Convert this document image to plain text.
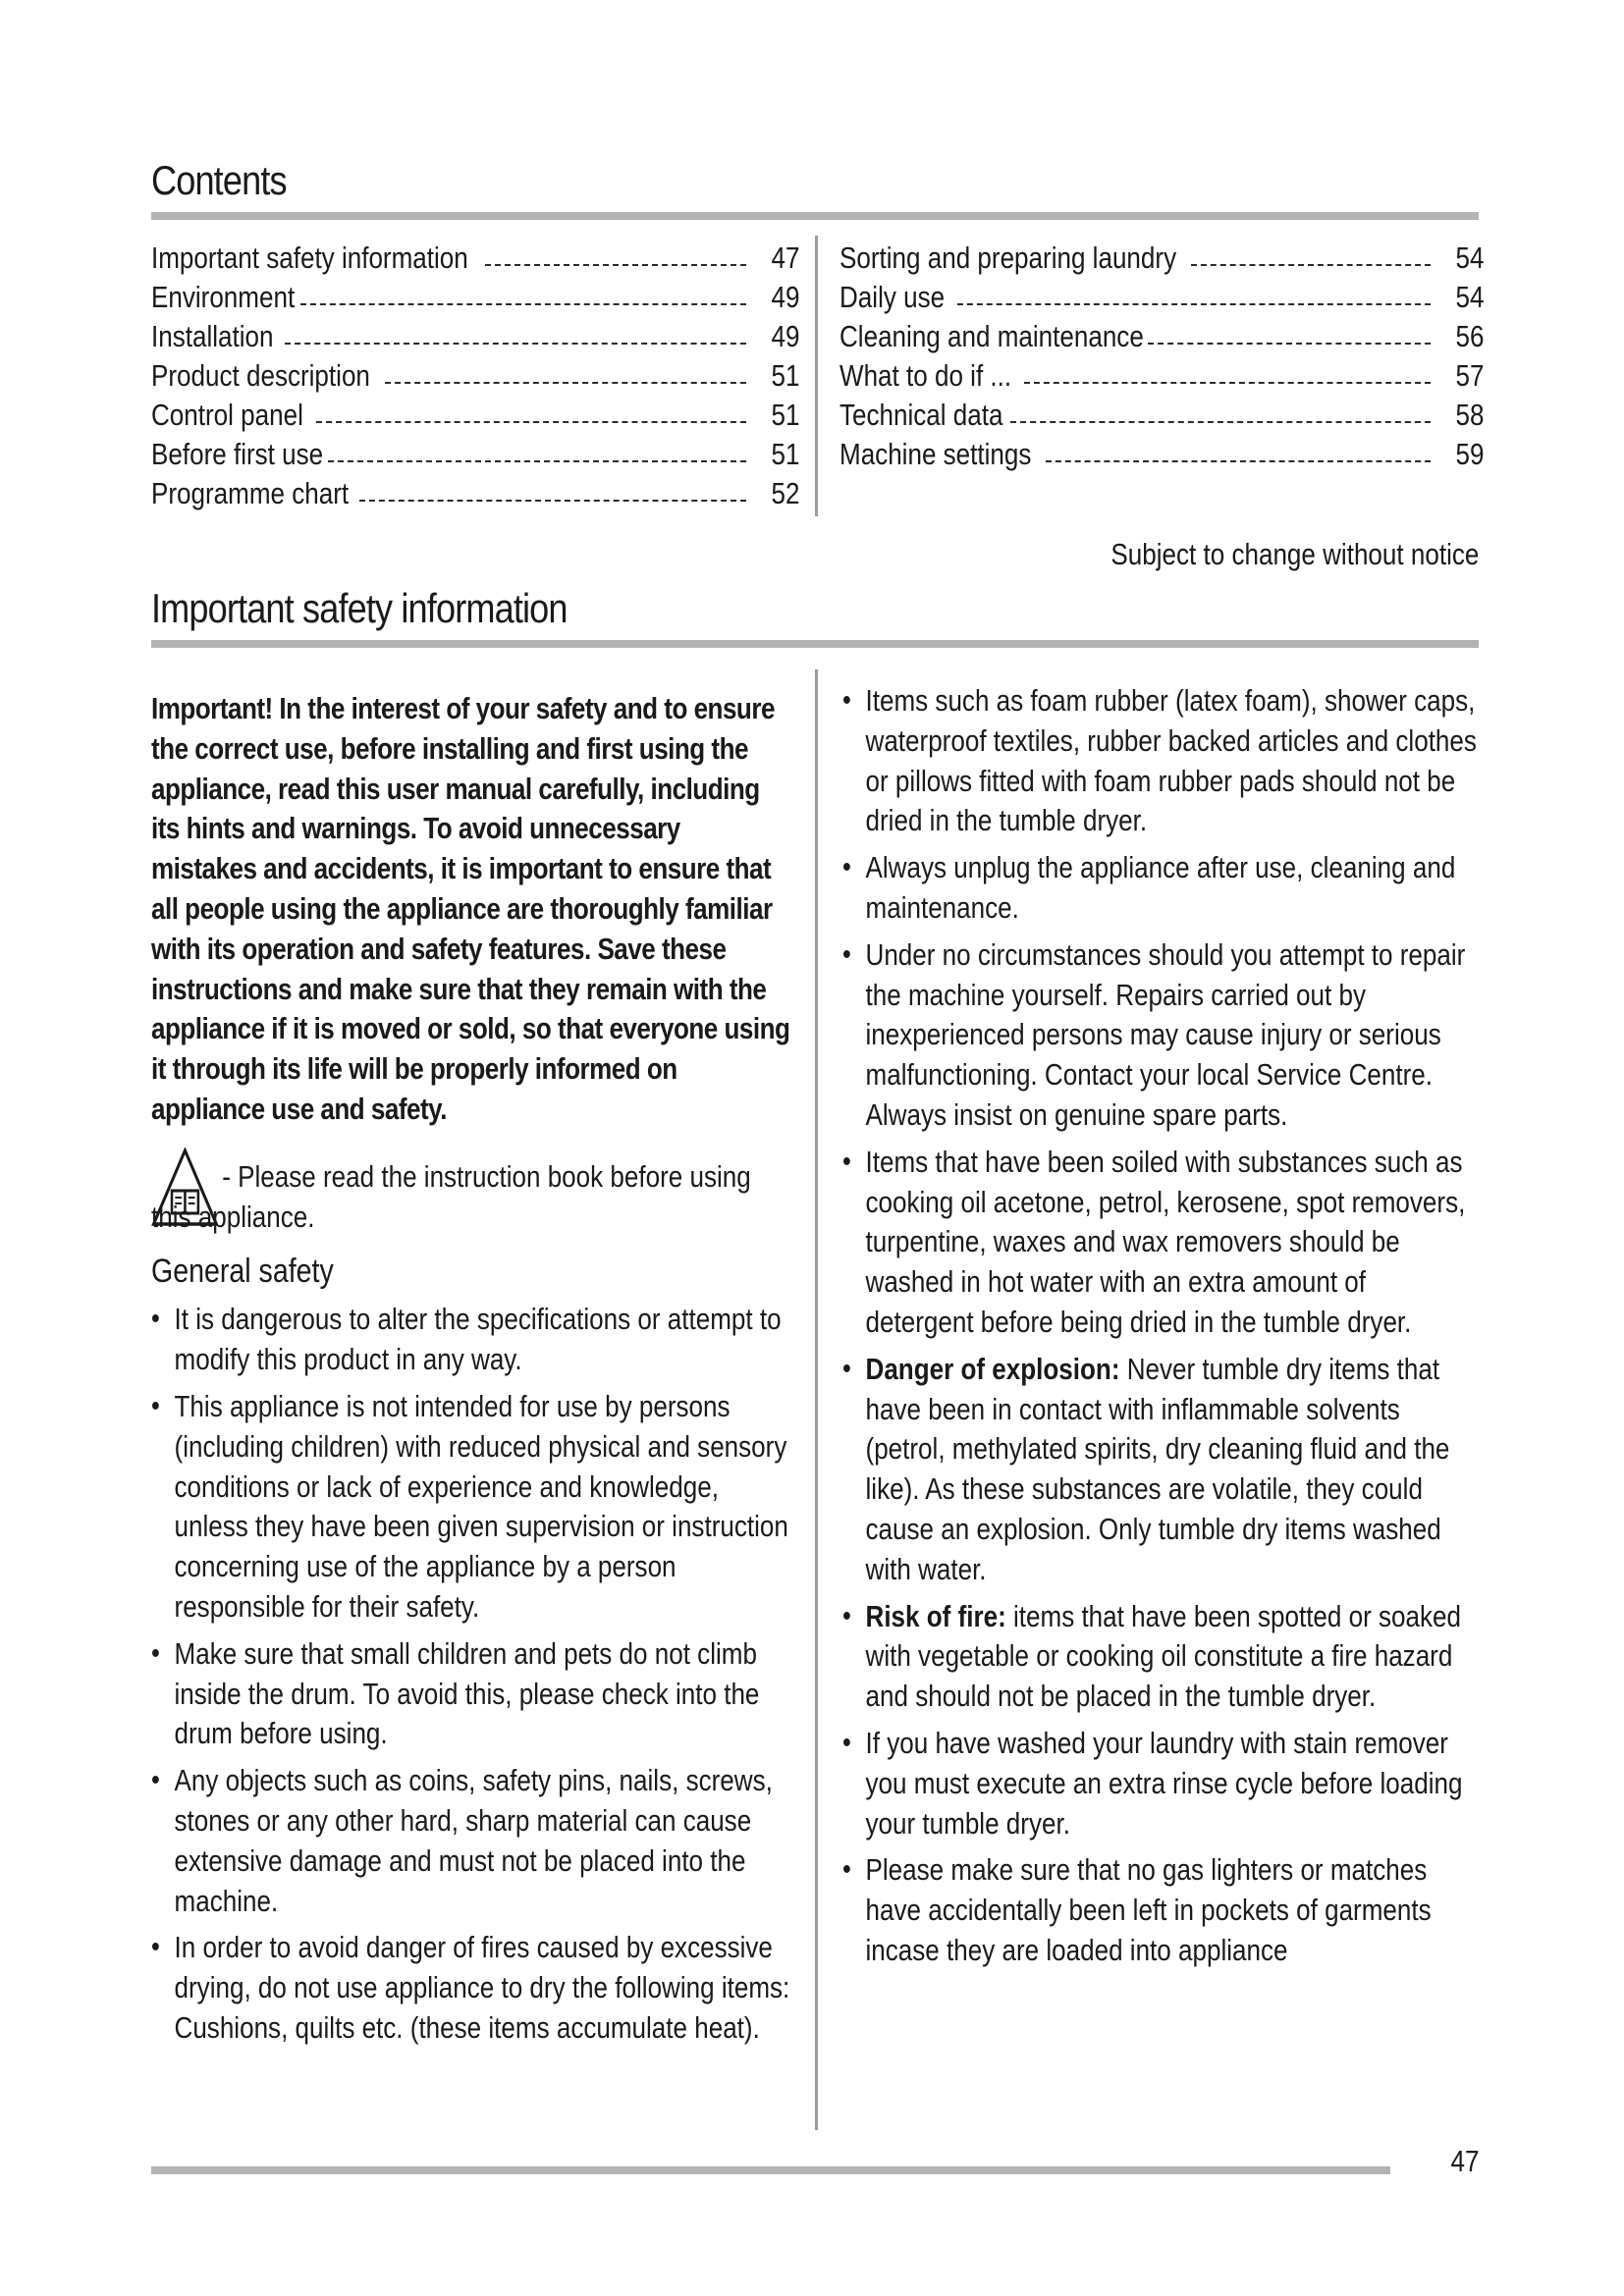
Contents
Important safety information	47
Environment	49
Installation	49
Product description	51
Control panel	51
Before first use	51
Programme chart	52
Sorting and preparing laundry	54
Daily use	54
Cleaning and maintenance	56
What to do if ...	57
Technical data	58
Machine settings	59
Subject to change without notice
Important safety information
Important! In the interest of your safety and to ensure the correct use, before installing and first using the appliance, read this user manual carefully, including its hints and warnings. To avoid unnecessary mistakes and accidents, it is important to ensure that all people using the appliance are thoroughly familiar with its operation and safety features. Save these instructions and make sure that they remain with the appliance if it is moved or sold, so that everyone using it through its life will be properly informed on appliance use and safety.
- Please read the instruction book before using
this appliance.
General safety
• It is dangerous to alter the specifications or attempt to modify this product in any way.
• This appliance is not intended for use by persons (including children) with reduced physical and sensory conditions or lack of experience and knowledge, unless they have been given supervision or instruction concerning use of the appliance by a person responsible for their safety.
• Make sure that small children and pets do not climb inside the drum. To avoid this, please check into the drum before using.
• Any objects such as coins, safety pins, nails, screws, stones or any other hard, sharp material can cause extensive damage and must not be placed into the machine.
• In order to avoid danger of fires caused by excessive drying, do not use appliance to dry the following items: Cushions, quilts etc. (these items accumulate heat).
• Items such as foam rubber (latex foam), shower caps, waterproof textiles, rubber backed articles and clothes or pillows fitted with foam rubber pads should not be dried in the tumble dryer.
• Always unplug the appliance after use, cleaning and maintenance.
• Under no circumstances should you attempt to repair the machine yourself. Repairs carried out by inexperienced persons may cause injury or serious malfunctioning. Contact your local Service Centre. Always insist on genuine spare parts.
• Items that have been soiled with substances such as cooking oil acetone, petrol, kerosene, spot removers, turpentine, waxes and wax removers should be washed in hot water with an extra amount of detergent before being dried in the tumble dryer.
• Danger of explosion: Never tumble dry items that have been in contact with inflammable solvents (petrol, methylated spirits, dry cleaning fluid and the like). As these substances are volatile, they could cause an explosion. Only tumble dry items washed with water.
• Risk of fire: items that have been spotted or soaked with vegetable or cooking oil constitute a fire hazard and should not be placed in the tumble dryer.
• If you have washed your laundry with stain remover you must execute an extra rinse cycle before loading your tumble dryer.
• Please make sure that no gas lighters or matches have accidentally been left in pockets of garments incase they are loaded into appliance
47
